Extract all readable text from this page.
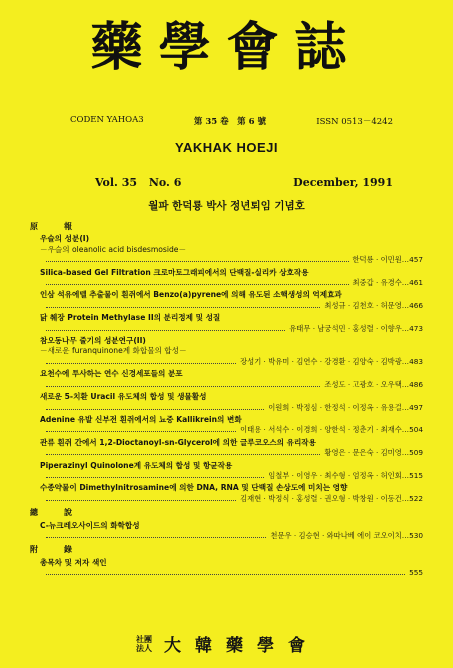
藥學會誌
CODEN YAHOA3	第 35 卷　第 6 號	ISSN 0513－4242
YAKHAK HOEJI
Vol. 35 No. 6	December, 1991
월파 한덕룡 박사 정년퇴임 기념호
原　報
우슬의 성분(I)
－우슬의 oleanolic acid bisdesmoside－
한덕룡 · 이민원 … 457
Silica-based Gel Filtration 크로마토그래피에서의 단백질-실리카 상호작용
최중갑 · 유경수 … 461
인삼 석유에텔 추출물이 흰쥐에서 Benzo(a)pyrene에 의해 유도된 소핵생성의 억제효과
최성규 · 김천호 · 허문영 … 466
닭 췌장 Protein Methylase II의 분리정제 및 성질
유태무 · 남궁석민 · 홍성렬 · 이향우 … 473
참오동나무 줄기의 성분연구(II)
－새로운 furanquinone계 화합물의 합성－
장성기 · 박유미 · 김연수 · 강경환 · 김양숙 · 김박광 … 483
요천수에 투사하는 연수 신경세포들의 분포
조성도 · 고광호 · 오우택 … 486
새로운 5-치환 Uracil 유도체의 합성 및 생물활성
이원희 · 박정심 · 한정석 · 이정옥 · 유용걸 … 497
Adenine 유발 신부전 흰쥐에서의 뇨중 Kallikrein의 변화
이태용 · 서석수 · 이경희 · 양한석 · 정춘기 · 최재수 … 504
관류 흰쥐 간에서 1,2-Dioctanoyl-sn-Glycerol에 의한 글루코오스의 유리작용
황영은 · 문은숙 · 김미영 … 509
Piperazinyl Quinolone계 유도체의 합성 및 항균작용
임철부 · 이영우 · 최수형 · 엄정옥 · 허인회 … 515
수종약물이 Dimethylnitrosamine에 의한 DNA, RNA 및 단백질 손상도에 미치는 영향
김재현 · 박정식 · 홍성렬 · 권오형 · 박창원 · 이동건 … 522
總　說
C-뉴크레오사이드의 화학합성
천문우 · 김승현 · 와따나베 에이 코오이치 … 530
附　錄
총목차 및 저자 색인
555
社團
法人 大韓藥學會
